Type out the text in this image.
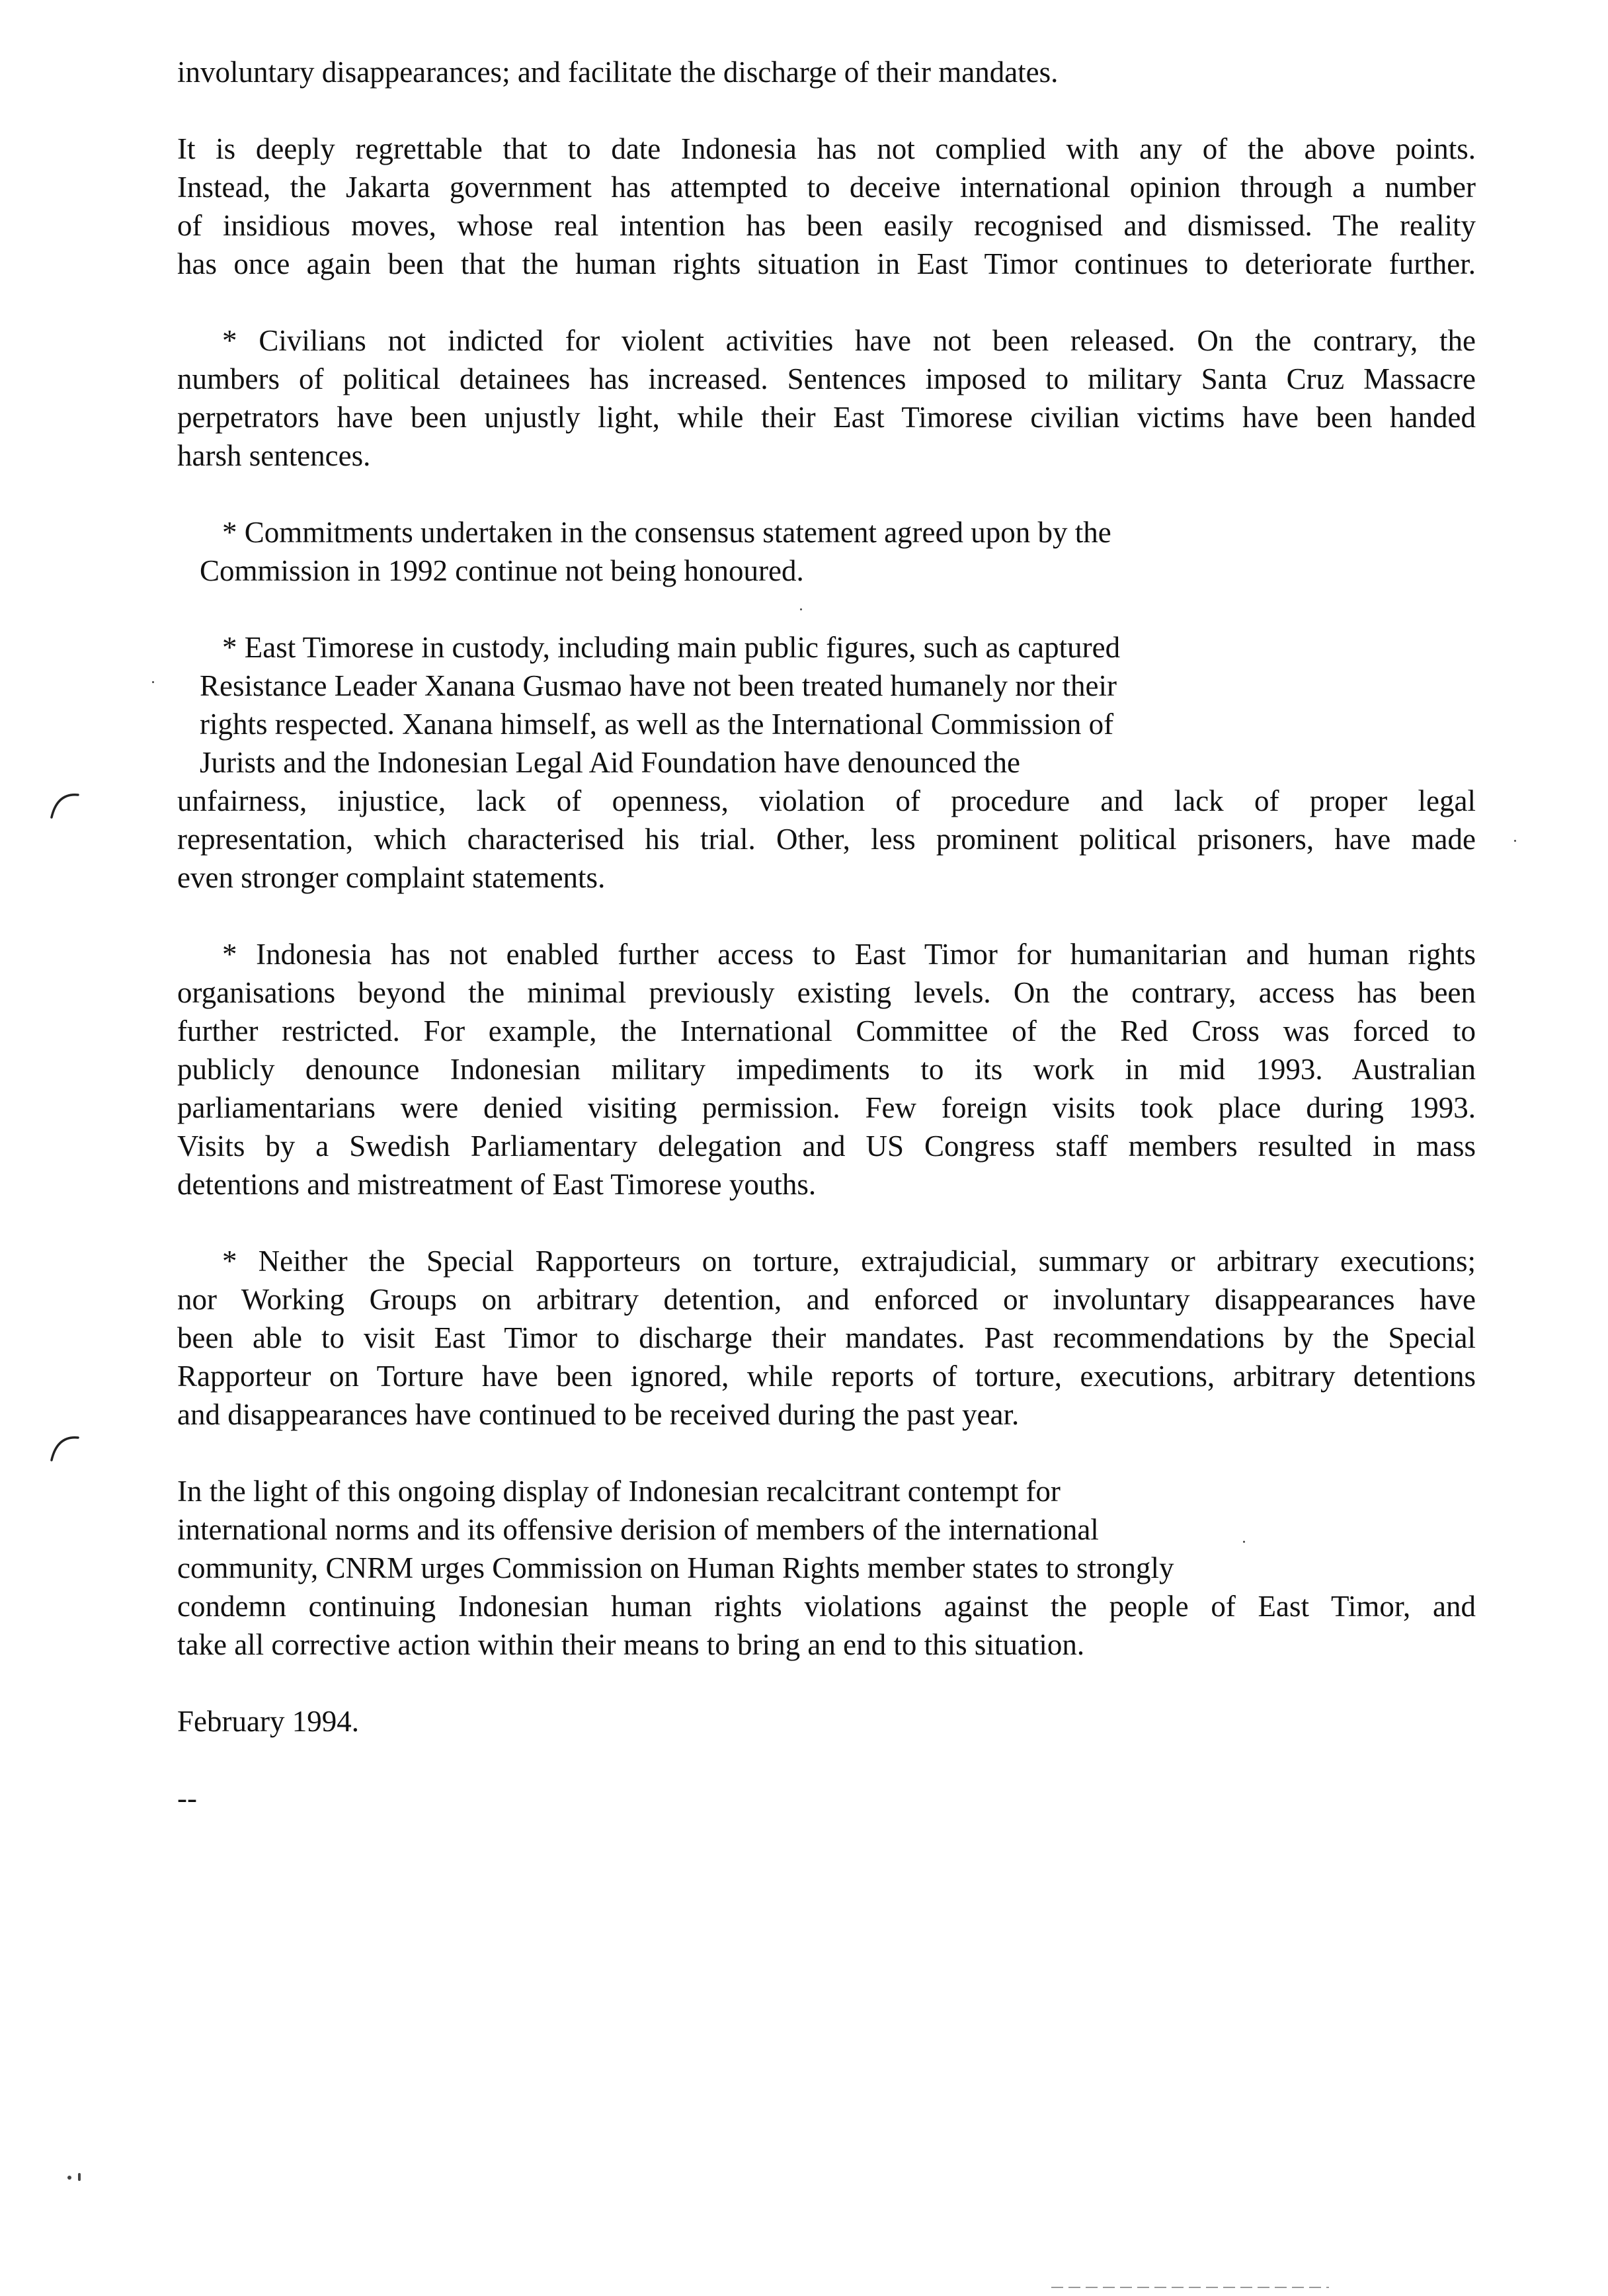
involuntary disappearances; and facilitate the discharge of their mandates.
It is deeply regrettable that to date Indonesia has not complied with any of the above points.
Instead, the Jakarta government has attempted to deceive international opinion through a number
of insidious moves, whose real intention has been easily recognised and dismissed. The reality
has once again been that the human rights situation in East Timor continues to deteriorate further.
* Civilians not indicted for violent activities have not been released. On the contrary, the
numbers of political detainees has increased. Sentences imposed to military Santa Cruz Massacre
perpetrators have been unjustly light, while their East Timorese civilian victims have been handed
harsh sentences.
* Commitments undertaken in the consensus statement agreed upon by the
Commission in 1992 continue not being honoured.
* East Timorese in custody, including main public figures, such as captured
Resistance Leader Xanana Gusmao have not been treated humanely nor their
rights respected. Xanana himself, as well as the International Commission of
Jurists and the Indonesian Legal Aid Foundation have denounced the
unfairness, injustice, lack of openness, violation of procedure and lack of proper legal
representation, which characterised his trial. Other, less prominent political prisoners, have made
even stronger complaint statements.
* Indonesia has not enabled further access to East Timor for humanitarian and human rights
organisations beyond the minimal previously existing levels. On the contrary, access has been
further restricted. For example, the International Committee of the Red Cross was forced to
publicly denounce Indonesian military impediments to its work in mid 1993. Australian
parliamentarians were denied visiting permission. Few foreign visits took place during 1993.
Visits by a Swedish Parliamentary delegation and US Congress staff members resulted in mass
detentions and mistreatment of East Timorese youths.
* Neither the Special Rapporteurs on torture, extrajudicial, summary or arbitrary executions;
nor Working Groups on arbitrary detention, and enforced or involuntary disappearances have
been able to visit East Timor to discharge their mandates. Past recommendations by the Special
Rapporteur on Torture have been ignored, while reports of torture, executions, arbitrary detentions
and disappearances have continued to be received during the past year.
In the light of this ongoing display of Indonesian recalcitrant contempt for
international norms and its offensive derision of members of the international
community, CNRM urges Commission on Human Rights member states to strongly
condemn continuing Indonesian human rights violations against the people of East Timor, and
take all corrective action within their means to bring an end to this situation.
February 1994.
--
